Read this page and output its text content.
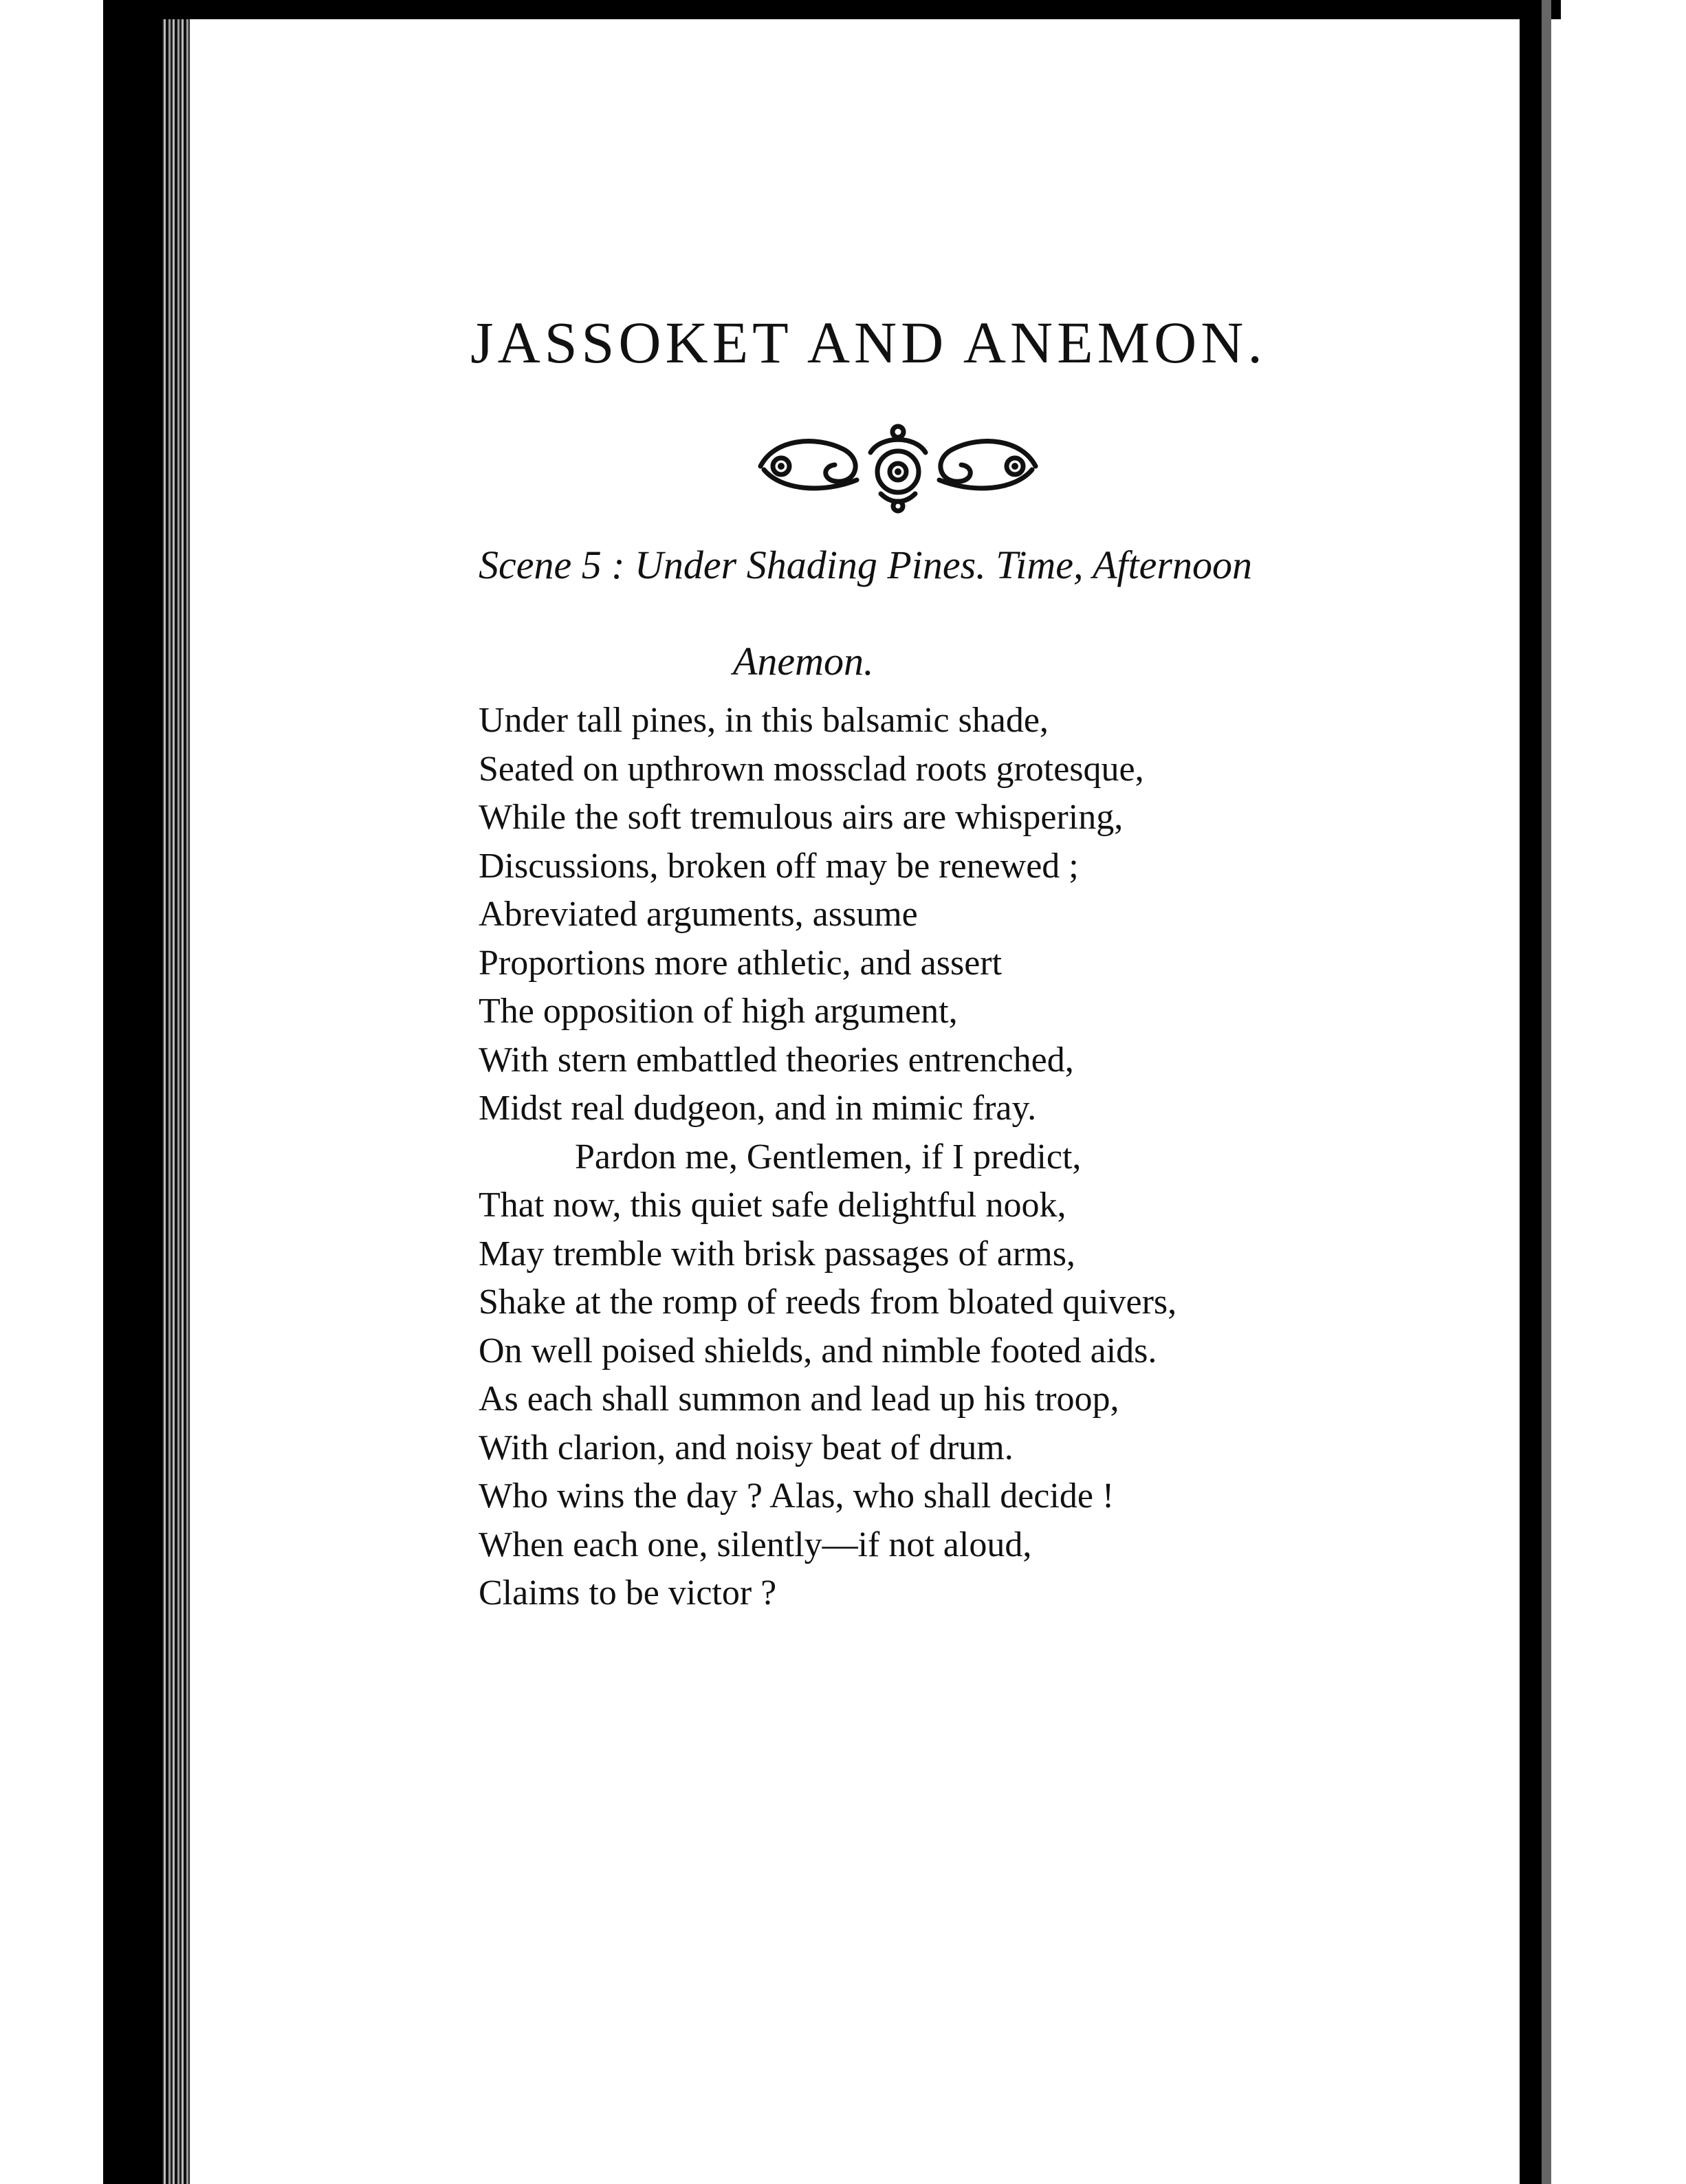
JASSOKET AND ANEMON.
Scene 5 : Under Shading Pines. Time, Afternoon
Anemon.
Under tall pines, in this balsamic shade,
Seated on upthrown mossclad roots grotesque,
While the soft tremulous airs are whispering,
Discussions, broken off may be renewed ;
Abreviated arguments, assume
Proportions more athletic, and assert
The opposition of high argument,
With stern embattled theories entrenched,
Midst real dudgeon, and in mimic fray.
Pardon me, Gentlemen, if I predict,
That now, this quiet safe delightful nook,
May tremble with brisk passages of arms,
Shake at the romp of reeds from bloated quivers,
On well poised shields, and nimble footed aids.
As each shall summon and lead up his troop,
With clarion, and noisy beat of drum.
Who wins the day ? Alas, who shall decide !
When each one, silently—if not aloud,
Claims to be victor ?
